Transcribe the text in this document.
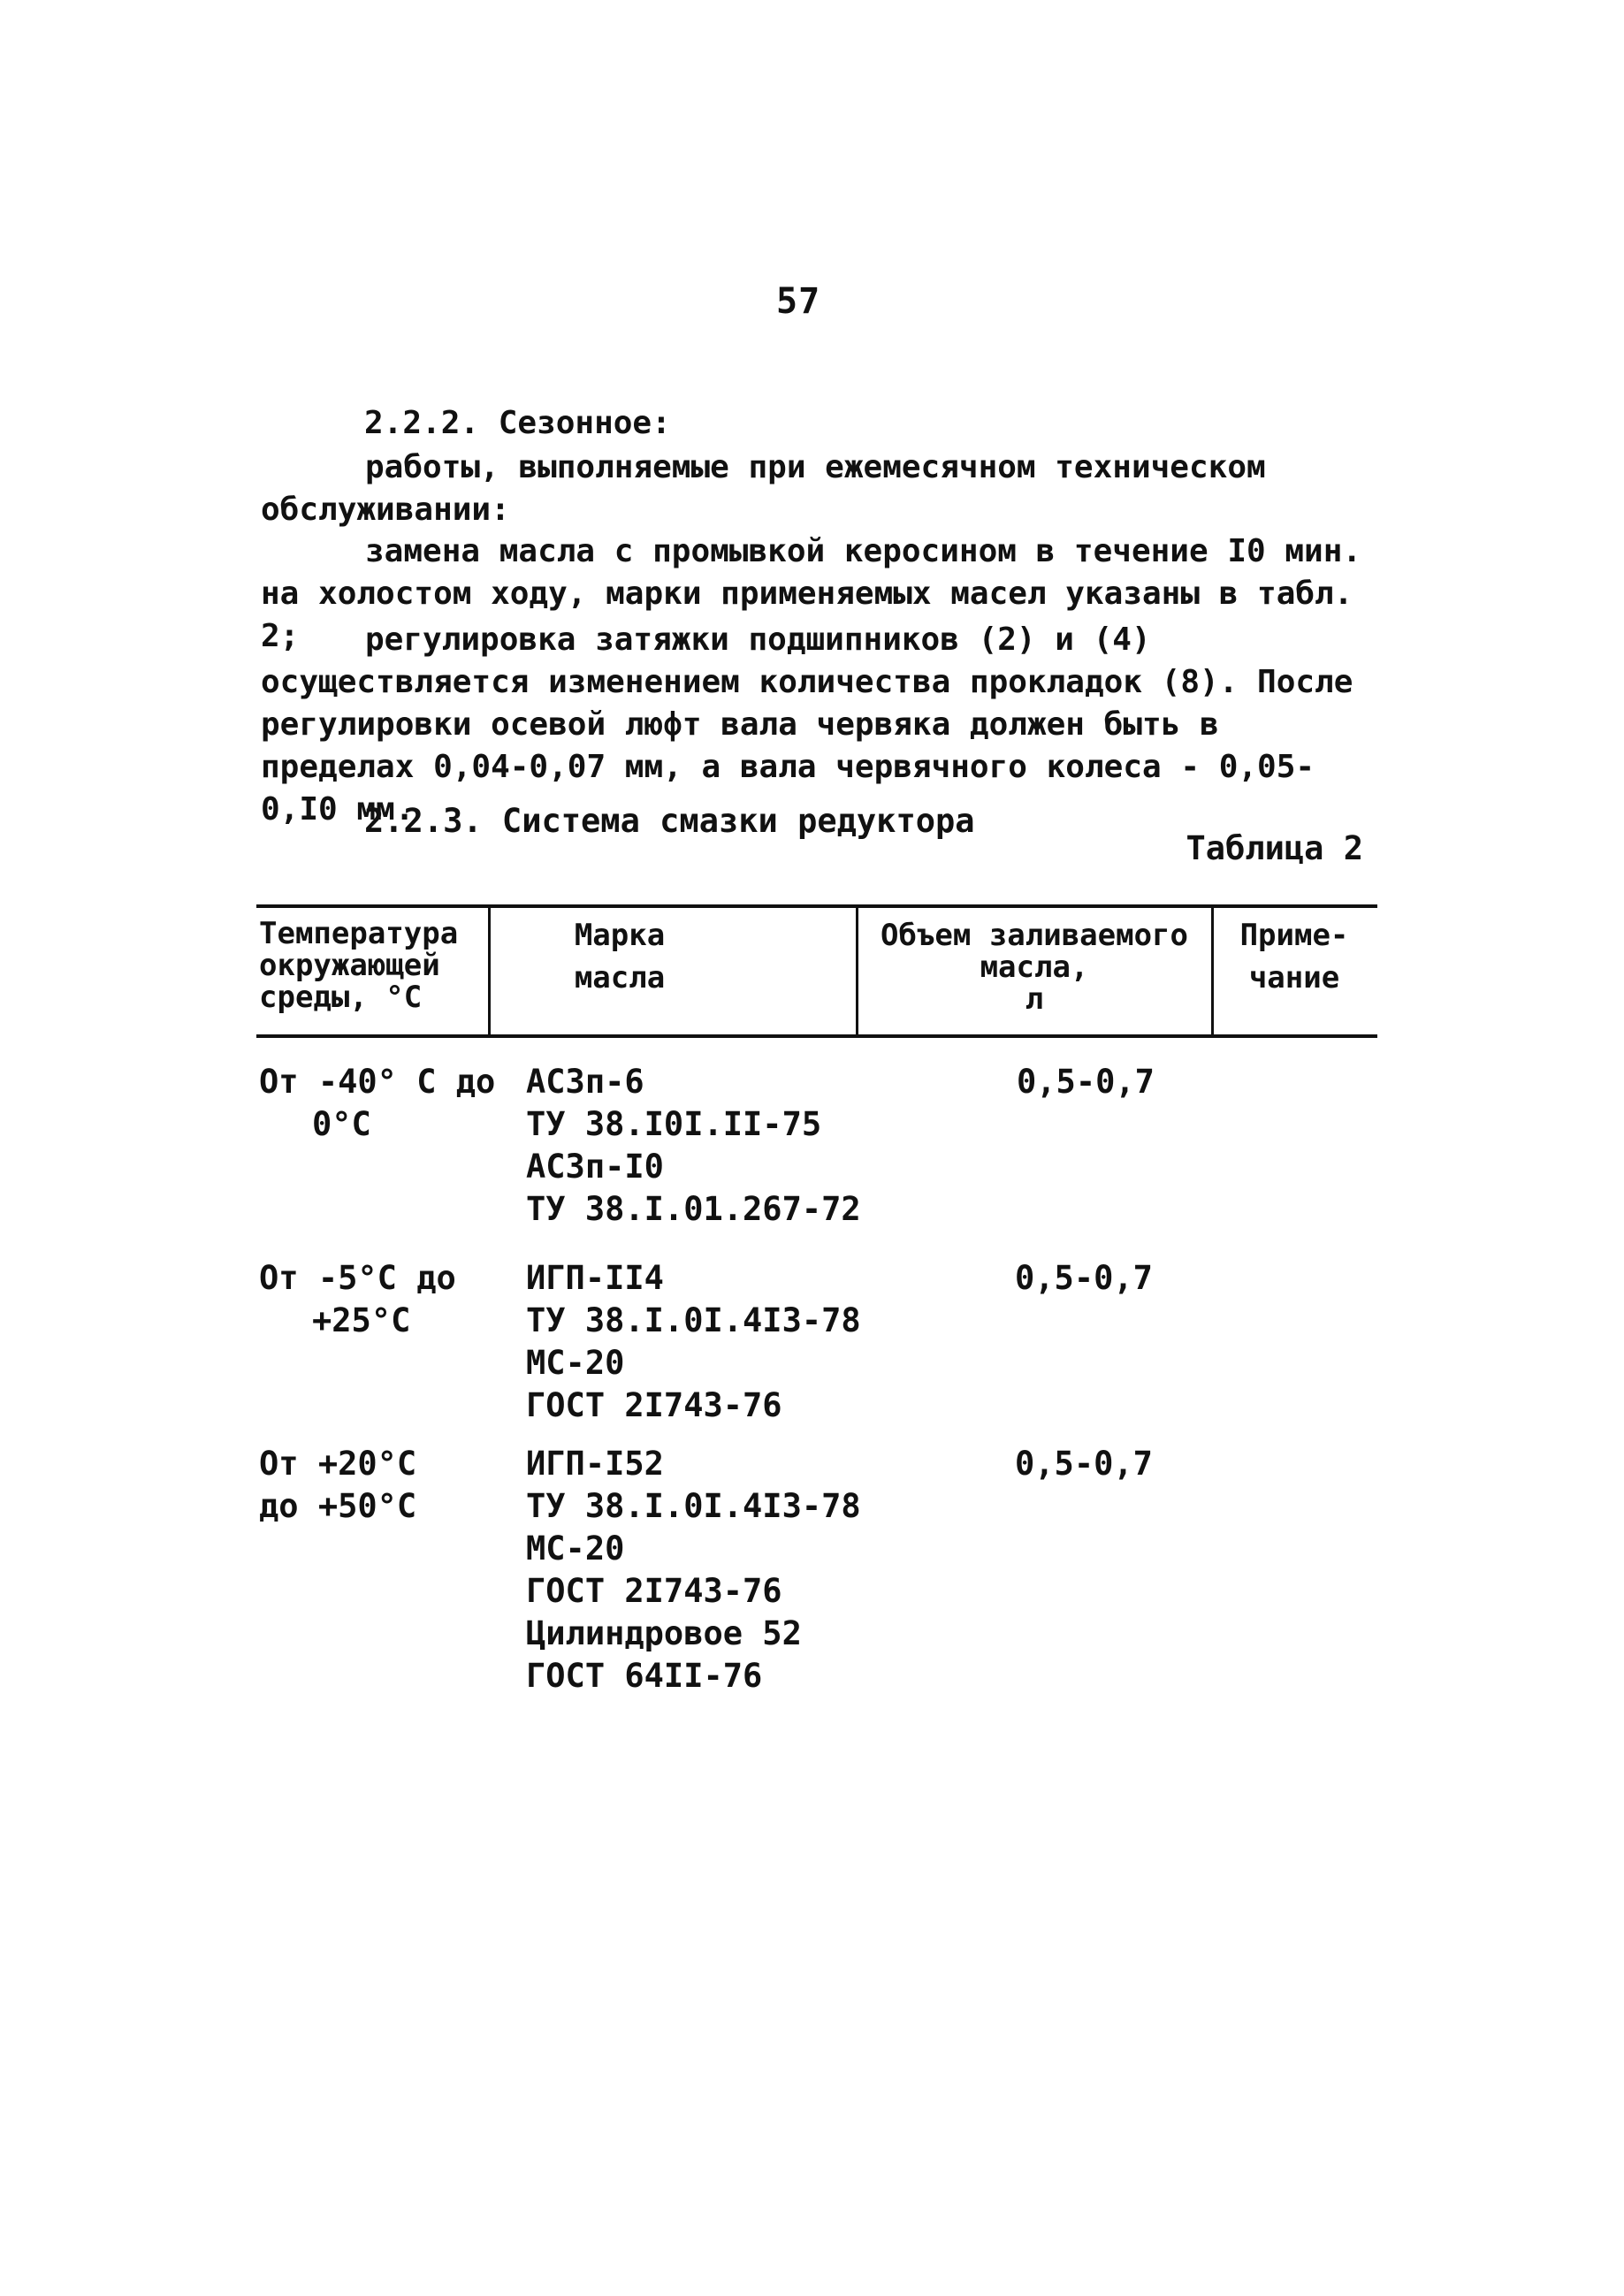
57
2.2.2. Сезонное:
работы, выполняемые при ежемесячном техническом обслуживании:
замена масла с промывкой керосином в течение I0 мин. на холостом ходу, марки применяемых масел указаны в табл. 2;	регулировка затяжки подшипников (2) и (4) осуществляется изменением количества прокладок (8). После регулировки осевой люфт вала червяка должен быть в пределах 0,04-0,07 мм, а вала червячного колеса - 0,05-0,I0 мм.
2.2.3. Система смазки редуктора
Таблица 2
Температура
окружающей
среды, °С
Марка
масла
Объем заливаемого
масла,
л
Приме-
чание
От -40° С до
0°С
АСЗп-6
ТУ 38.I0I.II-75
АСЗп-I0
ТУ 38.I.01.267-72
0,5-0,7
От -5°С до
+25°С
ИГП-II4
ТУ 38.I.0I.4I3-78
МС-20
ГОСТ 2I743-76
0,5-0,7
От +20°С
до +50°С
ИГП-I52
ТУ 38.I.0I.4I3-78
МС-20
ГОСТ 2I743-76
Цилиндровое 52
ГОСТ 64II-76
0,5-0,7
